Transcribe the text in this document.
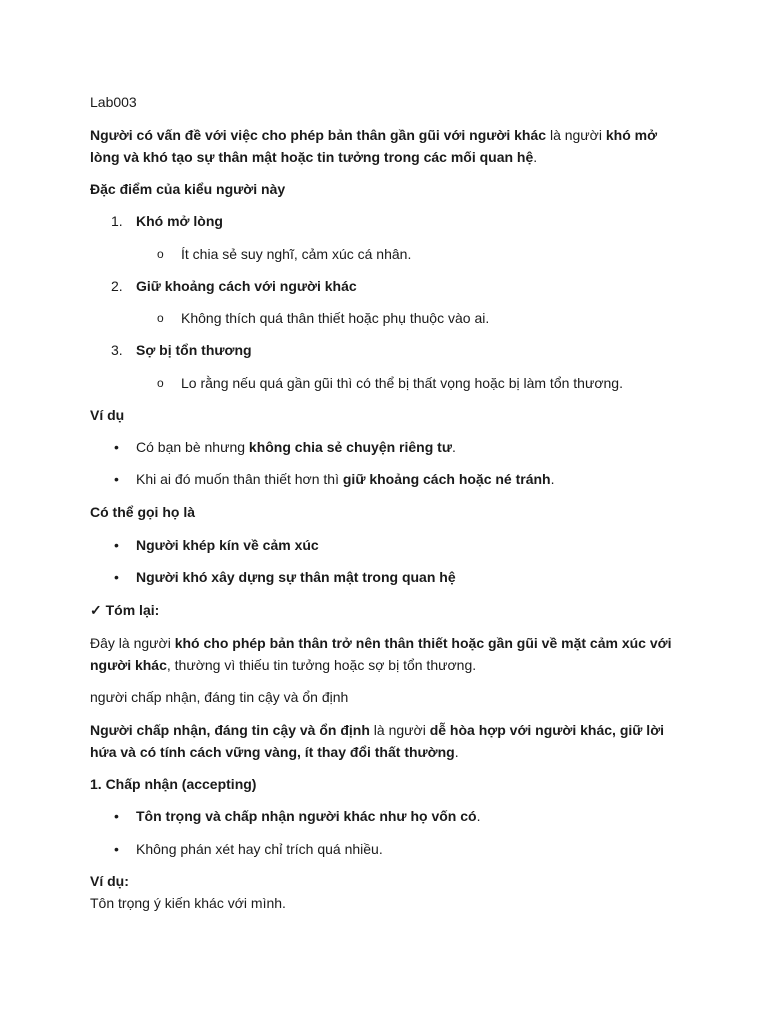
Lab003
Người có vấn đề với việc cho phép bản thân gần gũi với người khác là người khó mở lòng và khó tạo sự thân mật hoặc tin tưởng trong các mối quan hệ.
Đặc điểm của kiểu người này
1. Khó mở lòng
o Ít chia sẻ suy nghĩ, cảm xúc cá nhân.
2. Giữ khoảng cách với người khác
o Không thích quá thân thiết hoặc phụ thuộc vào ai.
3. Sợ bị tổn thương
o Lo rằng nếu quá gần gũi thì có thể bị thất vọng hoặc bị làm tổn thương.
Ví dụ
• Có bạn bè nhưng không chia sẻ chuyện riêng tư.
• Khi ai đó muốn thân thiết hơn thì giữ khoảng cách hoặc né tránh.
Có thể gọi họ là
• Người khép kín về cảm xúc
• Người khó xây dựng sự thân mật trong quan hệ
✓ Tóm lại:
Đây là người khó cho phép bản thân trở nên thân thiết hoặc gần gũi về mặt cảm xúc với người khác, thường vì thiếu tin tưởng hoặc sợ bị tổn thương.
người chấp nhận, đáng tin cậy và ổn định
Người chấp nhận, đáng tin cậy và ổn định là người dễ hòa hợp với người khác, giữ lời hứa và có tính cách vững vàng, ít thay đổi thất thường.
1. Chấp nhận (accepting)
• Tôn trọng và chấp nhận người khác như họ vốn có.
• Không phán xét hay chỉ trích quá nhiều.
Ví dụ:
Tôn trọng ý kiến khác với mình.
